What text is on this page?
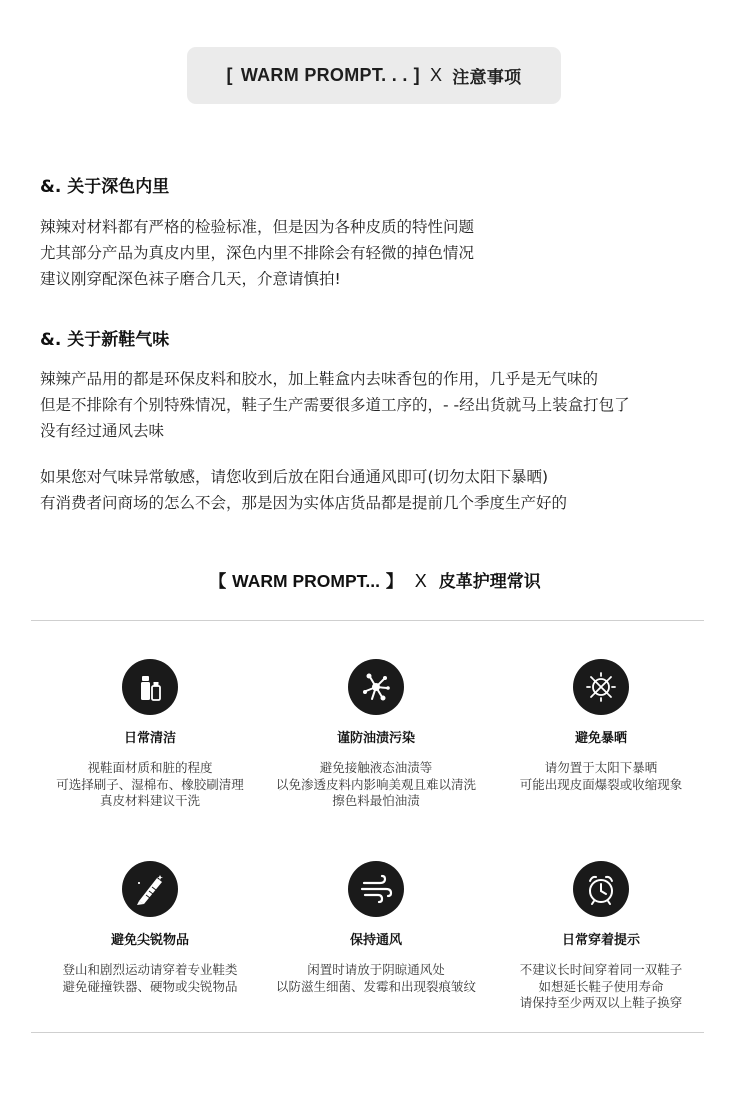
[ WARM PROMPT. . . ] X 注意事项
&. 关于深色内里
辣辣对材料都有严格的检验标准，但是因为各种皮质的特性问题
尤其部分产品为真皮内里，深色内里不排除会有轻微的掉色情况
建议刚穿配深色袜子磨合几天，介意请慎拍!
&. 关于新鞋气味
辣辣产品用的都是环保皮料和胶水，加上鞋盒内去味香包的作用，几乎是无气味的
但是不排除有个别特殊情况，鞋子生产需要很多道工序的，- -经出货就马上装盒打包了
没有经过通风去味
如果您对气味异常敏感，请您收到后放在阳台通通风即可(切勿太阳下暴晒)
有消费者问商场的怎么不会，那是因为实体店货品都是提前几个季度生产好的
【 WARM PROMPT... 】 X 皮革护理常识
日常清洁
视鞋面材质和脏的程度
可选择刷子、湿棉布、橡胶刷清理
真皮材料建议干洗
谨防油渍污染
避免接触液态油渍等
以免渗透皮料内影响美观且难以清洗
擦色料最怕油渍
避免暴晒
请勿置于太阳下暴晒
可能出现皮面爆裂或收缩现象
避免尖锐物品
登山和剧烈运动请穿着专业鞋类
避免碰撞铁器、硬物或尖锐物品
保持通风
闲置时请放于阴晾通风处
以防滋生细菌、发霉和出现裂痕皱纹
日常穿着提示
不建议长时间穿着同一双鞋子
如想延长鞋子使用寿命
请保持至少两双以上鞋子换穿
